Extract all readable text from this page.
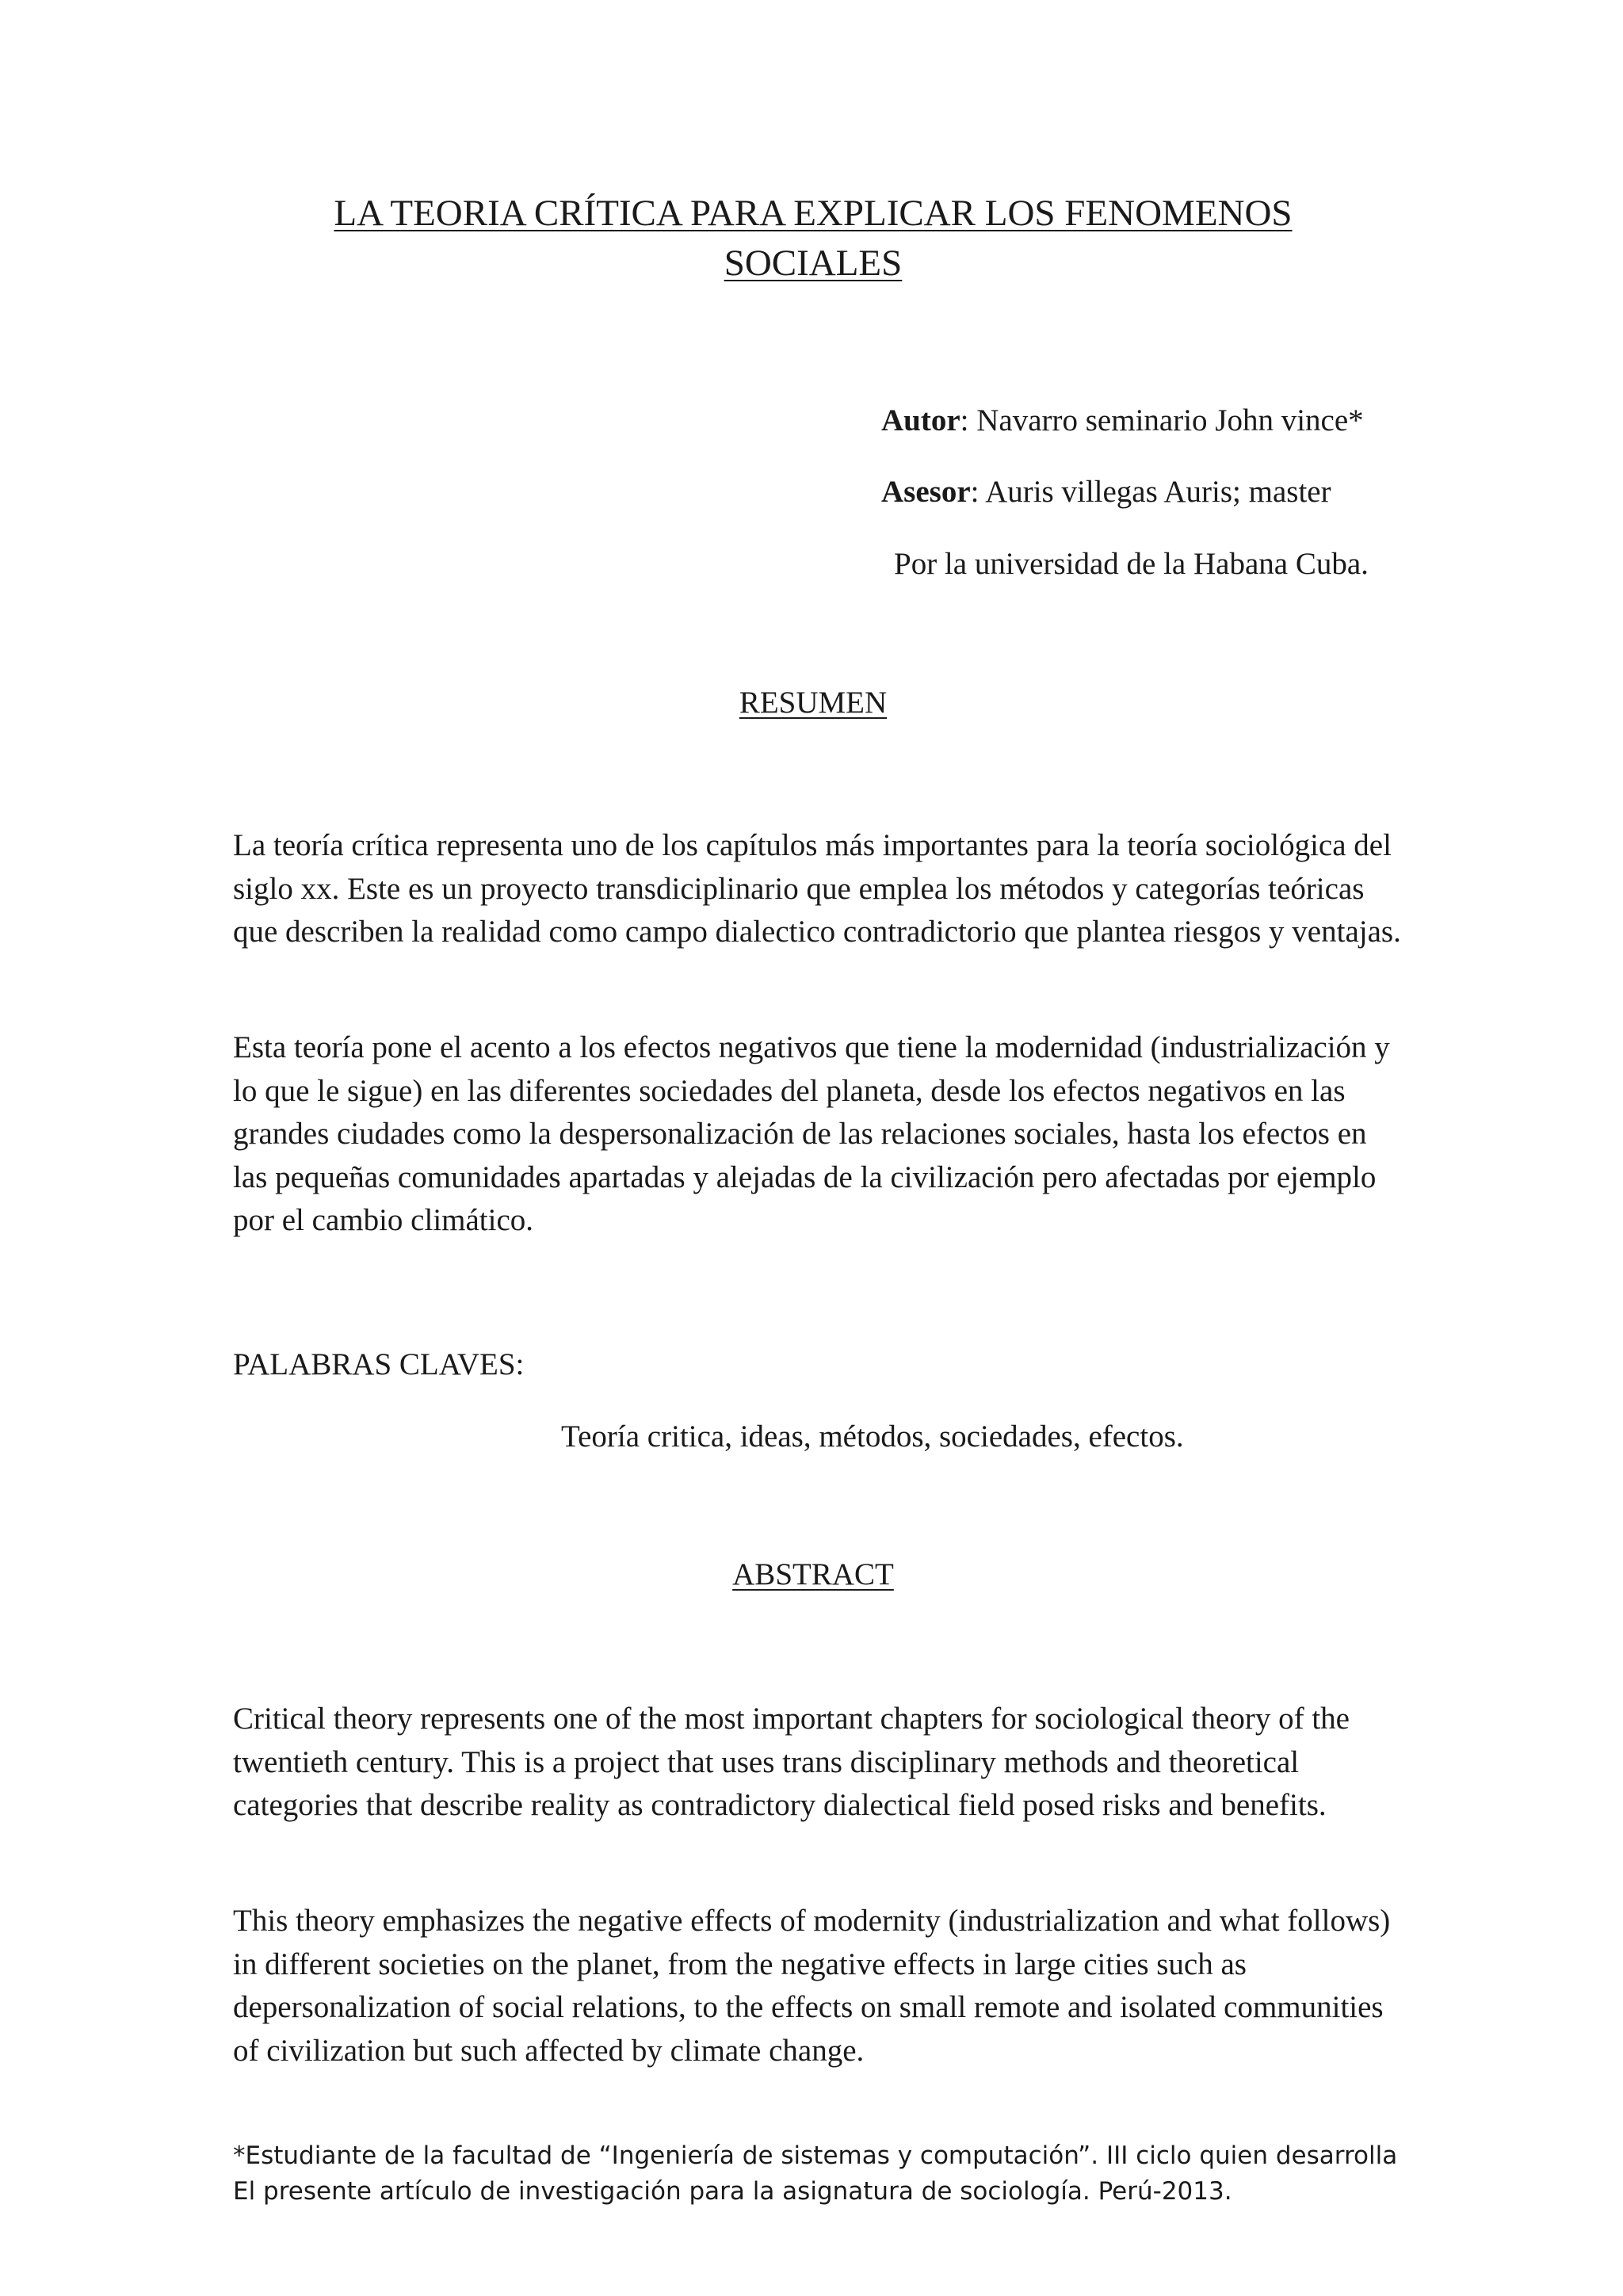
LA TEORIA CRÍTICA PARA EXPLICAR LOS FENOMENOS
SOCIALES
Autor: Navarro seminario John vince*
Asesor: Auris villegas Auris; master
Por la universidad de la Habana Cuba.
RESUMEN

La teoría crítica representa uno de los capítulos más importantes para la teoría sociológica del siglo xx. Este es un proyecto transdiciplinario que emplea los métodos y categorías teóricas que describen la realidad como campo dialectico contradictorio que plantea riesgos y ventajas.

Esta teoría pone el acento a los efectos negativos que tiene la modernidad (industrialización y lo que le sigue) en las diferentes sociedades del planeta, desde los efectos negativos en las grandes ciudades como la despersonalización de las relaciones sociales, hasta los efectos en las pequeñas comunidades apartadas y alejadas de la civilización pero afectadas por ejemplo por el cambio climático.

PALABRAS CLAVES:

Teoría critica, ideas, métodos, sociedades, efectos.

ABSTRACT

Critical theory represents one of the most important chapters for sociological theory of the twentieth century. This is a project that uses trans disciplinary methods and theoretical categories that describe reality as contradictory dialectical field posed risks and benefits.

This theory emphasizes the negative effects of modernity (industrialization and what follows) in different societies on the planet, from the negative effects in large cities such as depersonalization of social relations, to the effects on small remote and isolated communities of civilization but such affected by climate change.

*Estudiante de la facultad de “Ingeniería de sistemas y computación”. III ciclo quien desarrolla
El presente artículo de investigación para la asignatura de sociología. Perú-2013.
